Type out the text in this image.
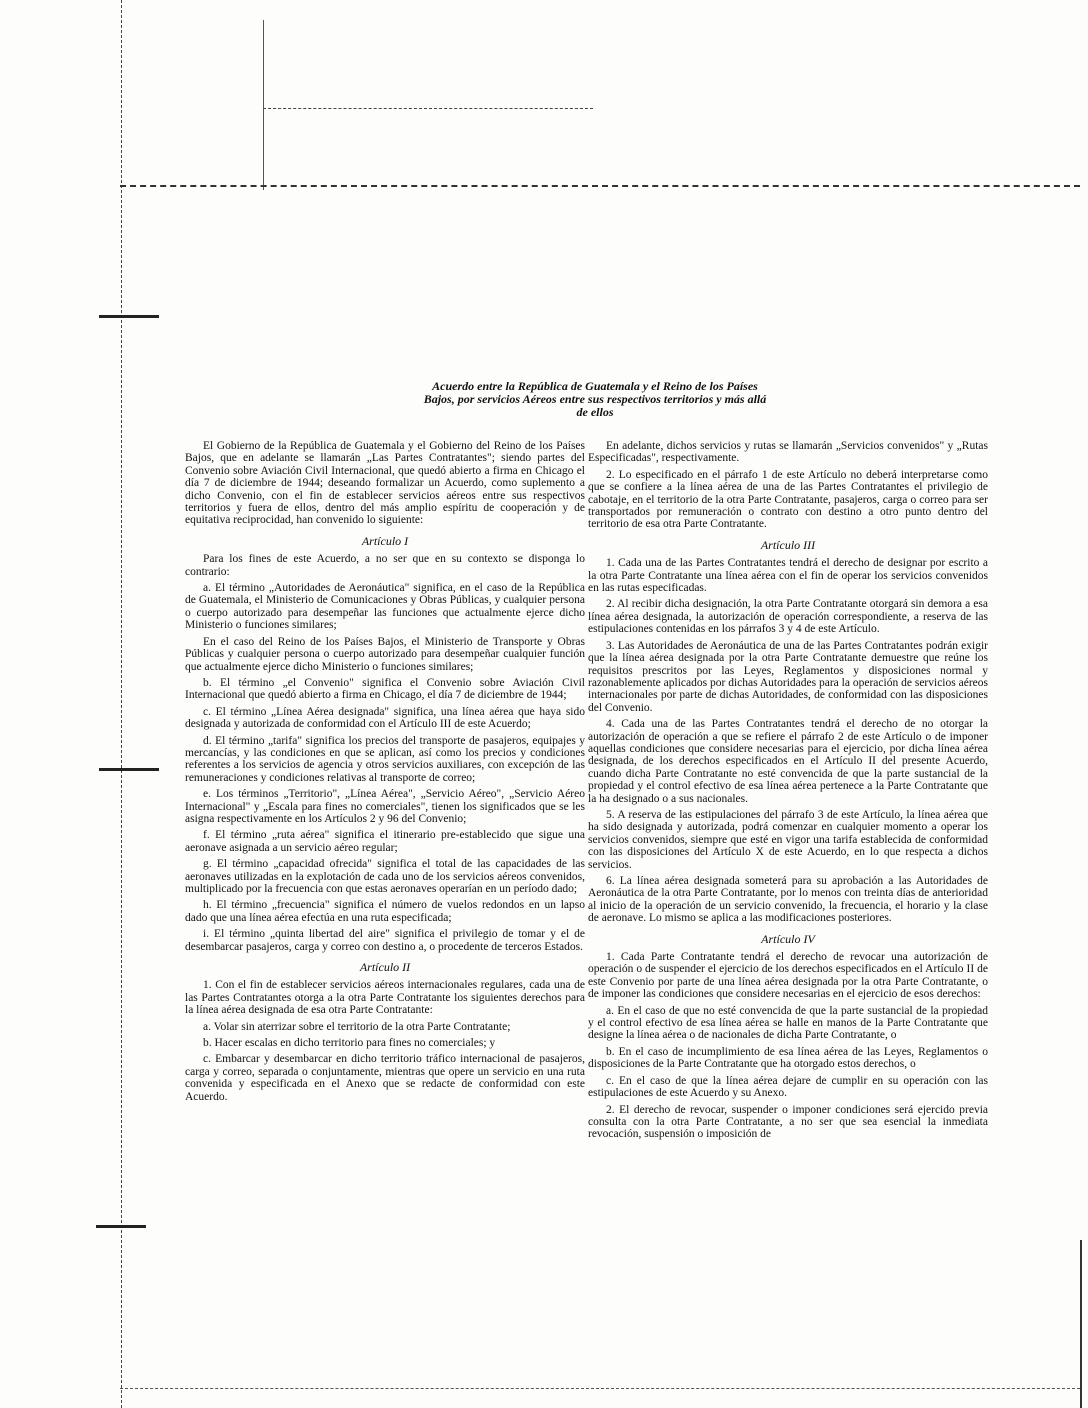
Acuerdo entre la República de Guatemala y el Reino de los Países
Bajos, por servicios Aéreos entre sus respectivos territorios y más allá
de ellos

El Gobierno de la República de Guatemala y el Gobierno del Reino de los Países Bajos, que en adelante se llamarán „Las Partes Contratantes"; siendo partes del Convenio sobre Aviación Civil Internacional, que quedó abierto a firma en Chicago el día 7 de diciembre de 1944; deseando formalizar un Acuerdo, como suplemento a dicho Convenio, con el fin de establecer servicios aéreos entre sus respectivos territorios y fuera de ellos, dentro del más amplio espíritu de cooperación y de equitativa reciprocidad, han convenido lo siguiente:

Artículo I

Para los fines de este Acuerdo, a no ser que en su contexto se disponga lo contrario:

a. El término „Autoridades de Aeronáutica" significa, en el caso de la República de Guatemala, el Ministerio de Comunicaciones y Obras Públicas, y cualquier persona o cuerpo autorizado para desempeñar las funciones que actualmente ejerce dicho Ministerio o funciones similares;

En el caso del Reino de los Países Bajos, el Ministerio de Transporte y Obras Públicas y cualquier persona o cuerpo autorizado para desempeñar cualquier función que actualmente ejerce dicho Ministerio o funciones similares;

b. El término „el Convenio" significa el Convenio sobre Aviación Civil Internacional que quedó abierto a firma en Chicago, el día 7 de diciembre de 1944;

c. El término „Línea Aérea designada" significa, una línea aérea que haya sido designada y autorizada de conformidad con el Artículo III de este Acuerdo;

d. El término „tarifa" significa los precios del transporte de pasajeros, equipajes y mercancías, y las condiciones en que se aplican, así como los precios y condiciones referentes a los servicios de agencia y otros servicios auxiliares, con excepción de las remuneraciones y condiciones relativas al transporte de correo;

e. Los términos „Territorio", „Línea Aérea", „Servicio Aéreo", „Servicio Aéreo Internacional" y „Escala para fines no comerciales", tienen los significados que se les asigna respectivamente en los Artículos 2 y 96 del Convenio;

f. El término „ruta aérea" significa el itinerario pre-establecido que sigue una aeronave asignada a un servicio aéreo regular;

g. El término „capacidad ofrecida" significa el total de las capacidades de las aeronaves utilizadas en la explotación de cada uno de los servicios aéreos convenidos, multiplicado por la frecuencia con que estas aeronaves operarían en un período dado;

h. El término „frecuencia" significa el número de vuelos redondos en un lapso dado que una línea aérea efectúa en una ruta especificada;

i. El término „quinta libertad del aire" significa el privilegio de tomar y el de desembarcar pasajeros, carga y correo con destino a, o procedente de terceros Estados.

Artículo II

1. Con el fin de establecer servicios aéreos internacionales regulares, cada una de las Partes Contratantes otorga a la otra Parte Contratante los siguientes derechos para la línea aérea designada de esa otra Parte Contratante:

a. Volar sin aterrizar sobre el territorio de la otra Parte Contratante;

b. Hacer escalas en dicho territorio para fines no comerciales; y

c. Embarcar y desembarcar en dicho territorio tráfico internacional de pasajeros, carga y correo, separada o conjuntamente, mientras que opere un servicio en una ruta convenida y especificada en el Anexo que se redacte de conformidad con este Acuerdo.

En adelante, dichos servicios y rutas se llamarán „Servicios convenidos" y „Rutas Especificadas", respectivamente.

2. Lo especificado en el párrafo 1 de este Artículo no deberá interpretarse como que se confiere a la línea aérea de una de las Partes Contratantes el privilegio de cabotaje, en el territorio de la otra Parte Contratante, pasajeros, carga o correo para ser transportados por remuneración o contrato con destino a otro punto dentro del territorio de esa otra Parte Contratante.

Artículo III

1. Cada una de las Partes Contratantes tendrá el derecho de designar por escrito a la otra Parte Contratante una línea aérea con el fin de operar los servicios convenidos en las rutas especificadas.

2. Al recibir dicha designación, la otra Parte Contratante otorgará sin demora a esa línea aérea designada, la autorización de operación correspondiente, a reserva de las estipulaciones contenidas en los párrafos 3 y 4 de este Artículo.

3. Las Autoridades de Aeronáutica de una de las Partes Contratantes podrán exigir que la línea aérea designada por la otra Parte Contratante demuestre que reúne los requisitos prescritos por las Leyes, Reglamentos y disposiciones normal y razonablemente aplicados por dichas Autoridades para la operación de servicios aéreos internacionales por parte de dichas Autoridades, de conformidad con las disposiciones del Convenio.

4. Cada una de las Partes Contratantes tendrá el derecho de no otorgar la autorización de operación a que se refiere el párrafo 2 de este Artículo o de imponer aquellas condiciones que considere necesarias para el ejercicio, por dicha línea aérea designada, de los derechos especificados en el Artículo II del presente Acuerdo, cuando dicha Parte Contratante no esté convencida de que la parte sustancial de la propiedad y el control efectivo de esa línea aérea pertenece a la Parte Contratante que la ha designado o a sus nacionales.

5. A reserva de las estipulaciones del párrafo 3 de este Artículo, la línea aérea que ha sido designada y autorizada, podrá comenzar en cualquier momento a operar los servicios convenidos, siempre que esté en vigor una tarifa establecida de conformidad con las disposiciones del Artículo X de este Acuerdo, en lo que respecta a dichos servicios.

6. La línea aérea designada someterá para su aprobación a las Autoridades de Aeronáutica de la otra Parte Contratante, por lo menos con treinta días de anterioridad al inicio de la operación de un servicio convenido, la frecuencia, el horario y la clase de aeronave. Lo mismo se aplica a las modificaciones posteriores.

Artículo IV

1. Cada Parte Contratante tendrá el derecho de revocar una autorización de operación o de suspender el ejercicio de los derechos especificados en el Artículo II de este Convenio por parte de una línea aérea designada por la otra Parte Contratante, o de imponer las condiciones que considere necesarias en el ejercicio de esos derechos:

a. En el caso de que no esté convencida de que la parte sustancial de la propiedad y el control efectivo de esa línea aérea se halle en manos de la Parte Contratante que designe la línea aérea o de nacionales de dicha Parte Contratante, o

b. En el caso de incumplimiento de esa línea aérea de las Leyes, Reglamentos o disposiciones de la Parte Contratante que ha otorgado estos derechos, o

c. En el caso de que la línea aérea dejare de cumplir en su operación con las estipulaciones de este Acuerdo y su Anexo.

2. El derecho de revocar, suspender o imponer condiciones será ejercido previa consulta con la otra Parte Contratante, a no ser que sea esencial la inmediata revocación, suspensión o imposición de
